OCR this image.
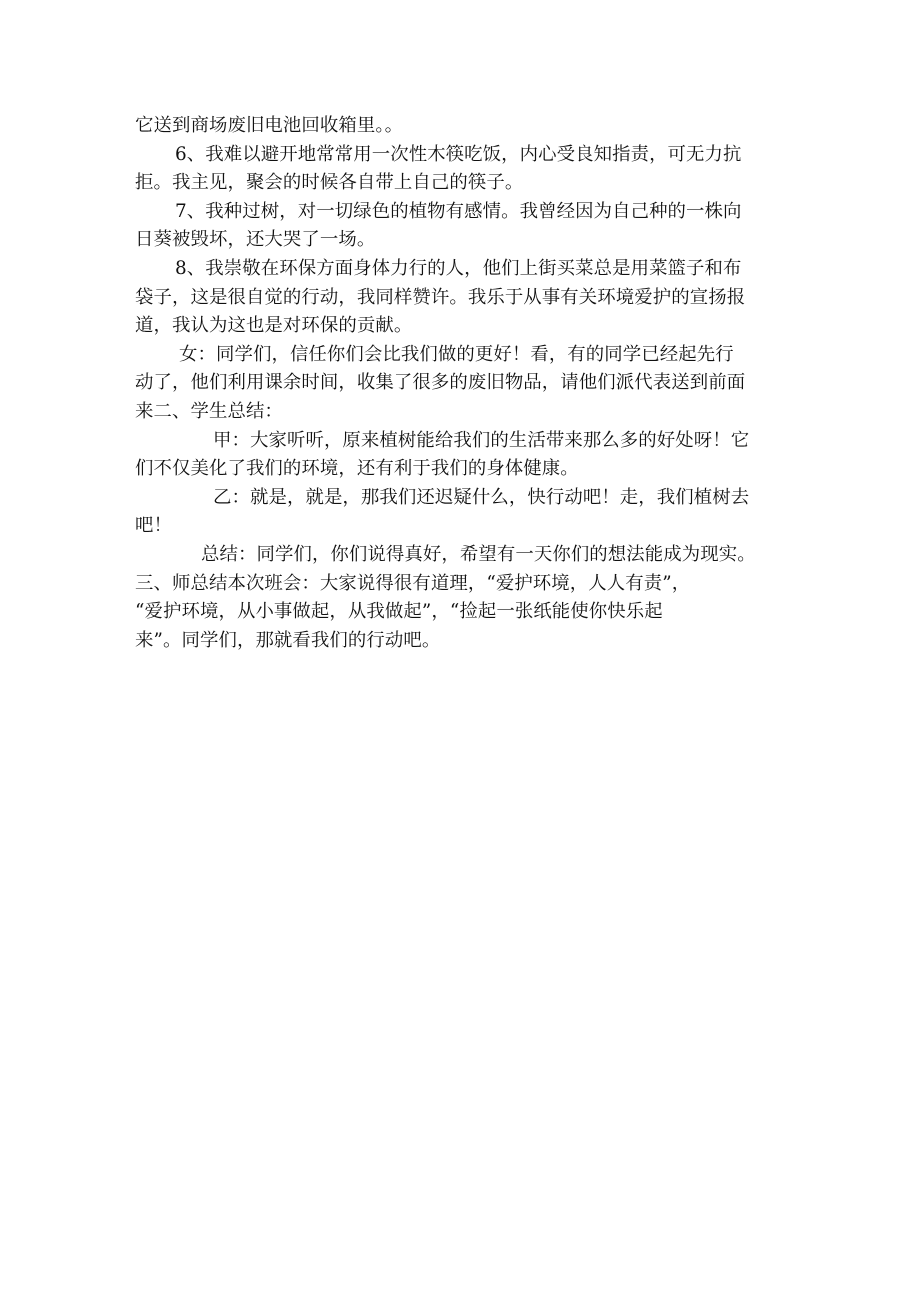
它送到商场废旧电池回收箱里。。
6、我难以避开地常常用一次性木筷吃饭，内心受良知指责，可无力抗
拒。我主见，聚会的时候各自带上自己的筷子。
7、我种过树，对一切绿色的植物有感情。我曾经因为自己种的一株向
日葵被毁坏，还大哭了一场。
8、我崇敬在环保方面身体力行的人，他们上街买菜总是用菜篮子和布
袋子，这是很自觉的行动，我同样赞许。我乐于从事有关环境爱护的宣扬报
道，我认为这也是对环保的贡献。
女：同学们，信任你们会比我们做的更好！看，有的同学已经起先行
动了，他们利用课余时间，收集了很多的废旧物品，请他们派代表送到前面
来二、学生总结：
甲：大家听听，原来植树能给我们的生活带来那么多的好处呀！它
们不仅美化了我们的环境，还有利于我们的身体健康。
乙：就是，就是，那我们还迟疑什么，快行动吧！走，我们植树去
吧！
总结：同学们，你们说得真好，希望有一天你们的想法能成为现实。
三、师总结本次班会：大家说得很有道理，“爱护环境，人人有责”，
“爱护环境，从小事做起，从我做起”，“捡起一张纸能使你快乐起
来”。同学们，那就看我们的行动吧。
